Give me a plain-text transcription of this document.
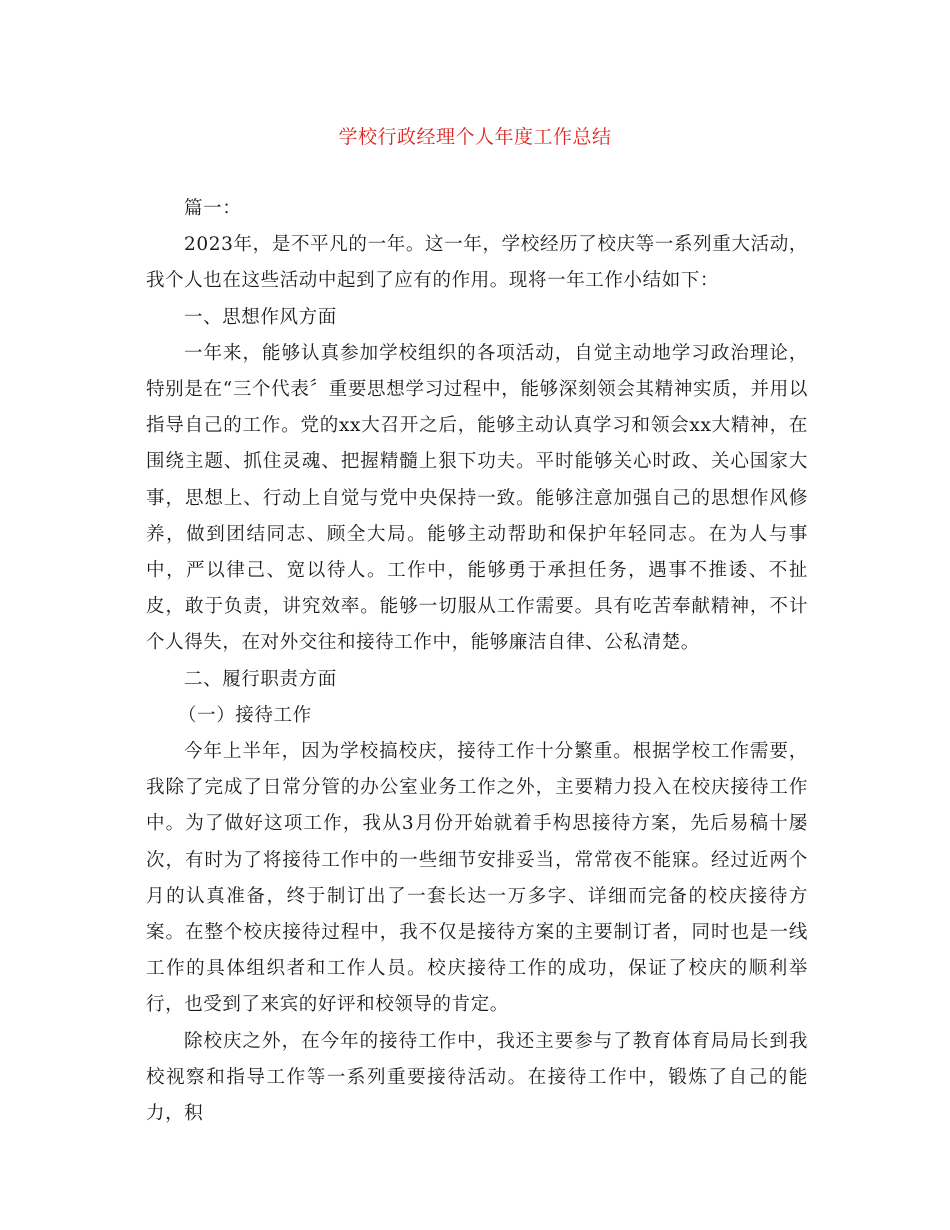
学校行政经理个人年度工作总结

篇一：

2023年，是不平凡的一年。这一年，学校经历了校庆等一系列重大活动，我个人也在这些活动中起到了应有的作用。现将一年工作小结如下：

一、思想作风方面

一年来，能够认真参加学校组织的各项活动，自觉主动地学习政治理论，特别是在“三个代表〞重要思想学习过程中，能够深刻领会其精神实质，并用以指导自己的工作。党的xx大召开之后，能够主动认真学习和领会xx大精神，在围绕主题、抓住灵魂、把握精髓上狠下功夫。平时能够关心时政、关心国家大事，思想上、行动上自觉与党中央保持一致。能够注意加强自己的思想作风修养，做到团结同志、顾全大局。能够主动帮助和保护年轻同志。在为人与事中，严以律己、宽以待人。工作中，能够勇于承担任务，遇事不推诿、不扯皮，敢于负责，讲究效率。能够一切服从工作需要。具有吃苦奉献精神，不计个人得失，在对外交往和接待工作中，能够廉洁自律、公私清楚。

二、履行职责方面

（一）接待工作

今年上半年，因为学校搞校庆，接待工作十分繁重。根据学校工作需要，我除了完成了日常分管的办公室业务工作之外，主要精力投入在校庆接待工作中。为了做好这项工作，我从3月份开始就着手构思接待方案，先后易稿十屡次，有时为了将接待工作中的一些细节安排妥当，常常夜不能寐。经过近两个月的认真准备，终于制订出了一套长达一万多字、详细而完备的校庆接待方案。在整个校庆接待过程中，我不仅是接待方案的主要制订者，同时也是一线工作的具体组织者和工作人员。校庆接待工作的成功，保证了校庆的顺利举行，也受到了来宾的好评和校领导的肯定。

除校庆之外，在今年的接待工作中，我还主要参与了教育体育局局长到我校视察和指导工作等一系列重要接待活动。在接待工作中，锻炼了自己的能力，积
